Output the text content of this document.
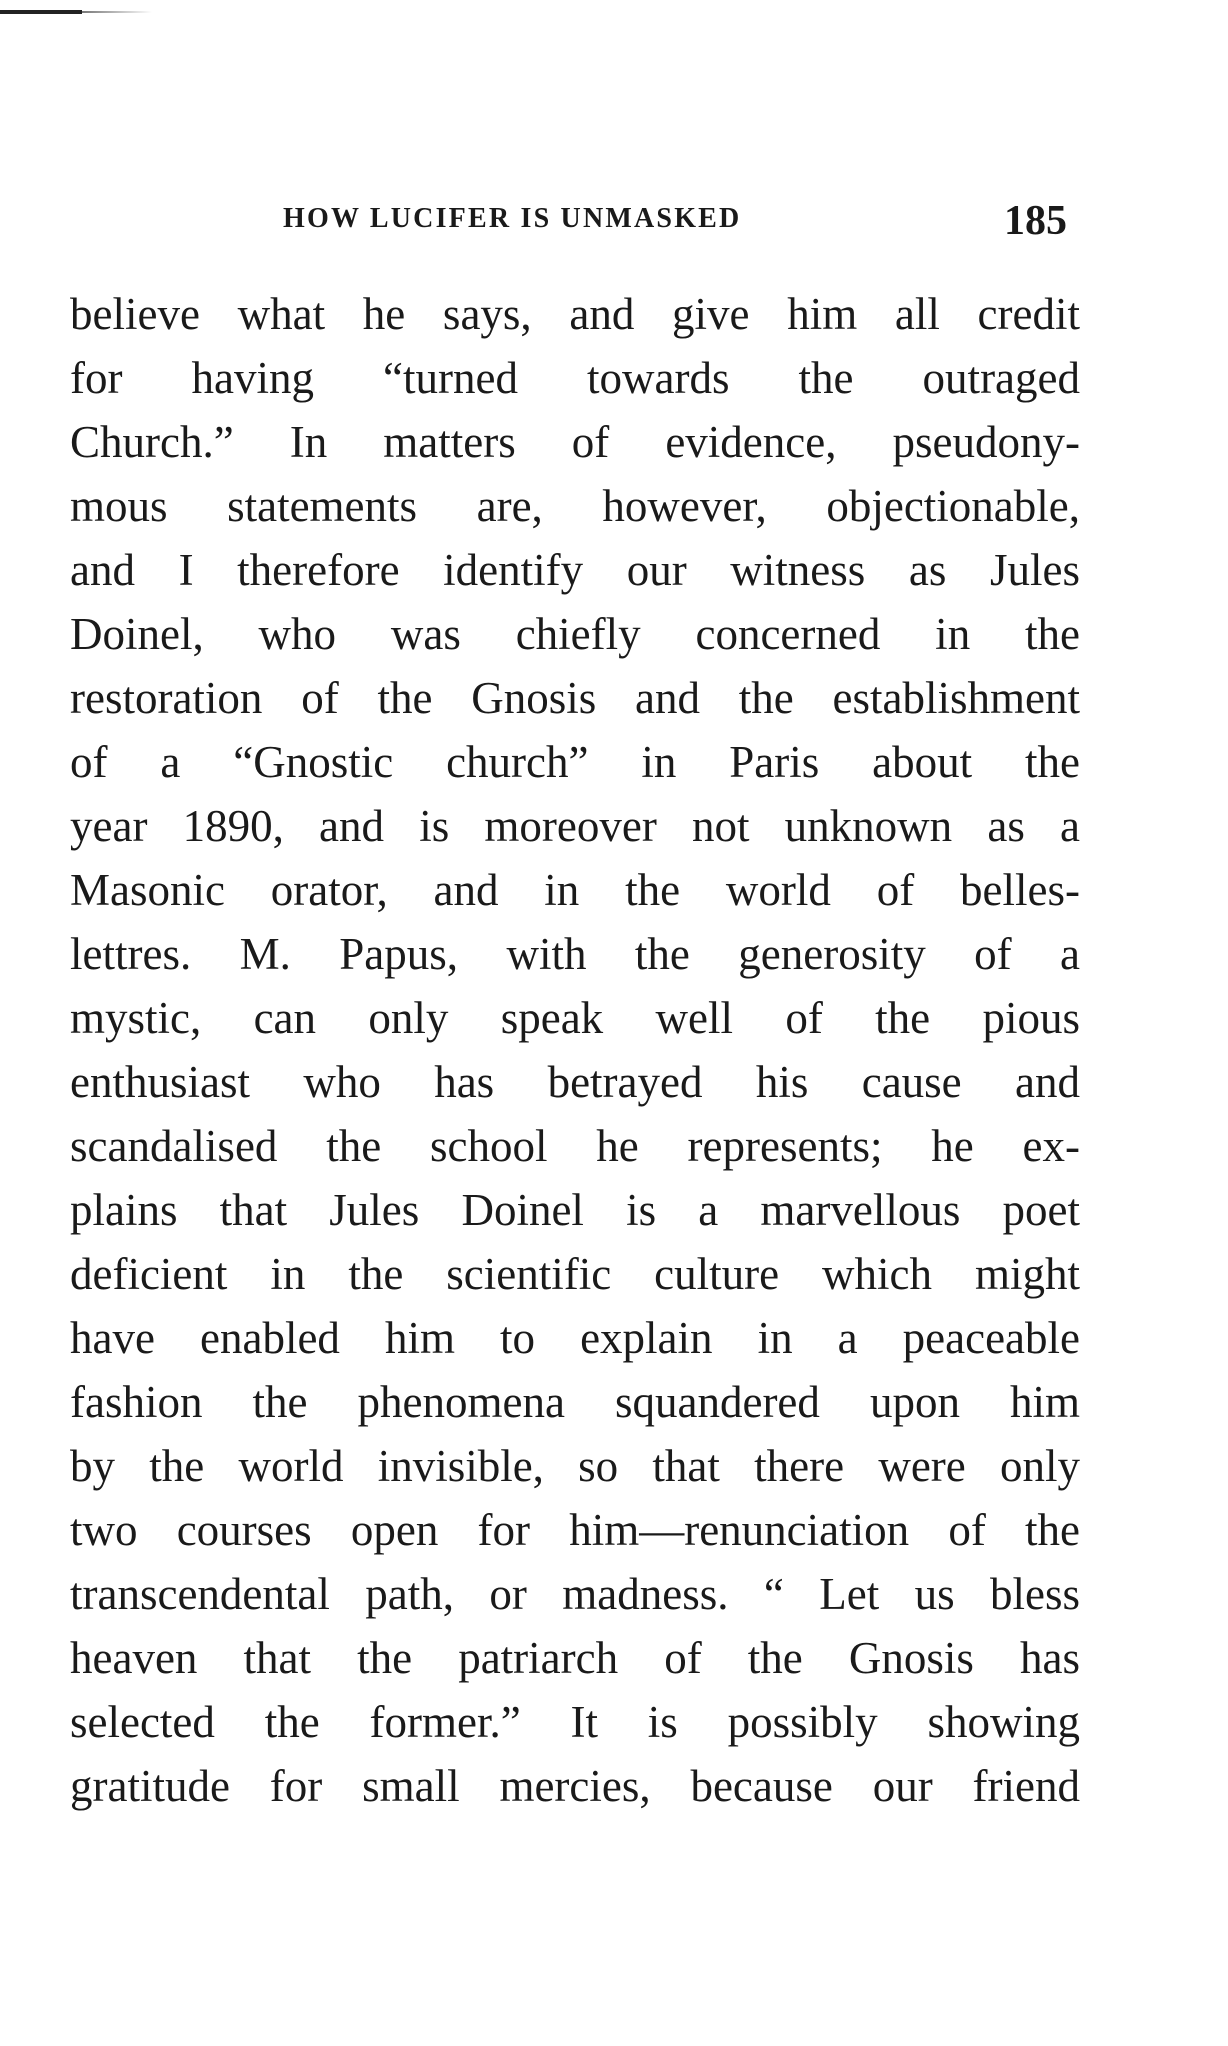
HOW LUCIFER IS UNMASKED	185
believe what he says, and give him all credit
for having “turned towards the outraged
Church.” In matters of evidence, pseudony-
mous statements are, however, objectionable,
and I therefore identify our witness as Jules
Doinel, who was chiefly concerned in the
restoration of the Gnosis and the establishment
of a “Gnostic church” in Paris about the
year 1890, and is moreover not unknown as a
Masonic orator, and in the world of belles-
lettres. M. Papus, with the generosity of a
mystic, can only speak well of the pious
enthusiast who has betrayed his cause and
scandalised the school he represents; he ex-
plains that Jules Doinel is a marvellous poet
deficient in the scientific culture which might
have enabled him to explain in a peaceable
fashion the phenomena squandered upon him
by the world invisible, so that there were only
two courses open for him—renunciation of the
transcendental path, or madness. “ Let us bless
heaven that the patriarch of the Gnosis has
selected the former.” It is possibly showing
gratitude for small mercies, because our friend
